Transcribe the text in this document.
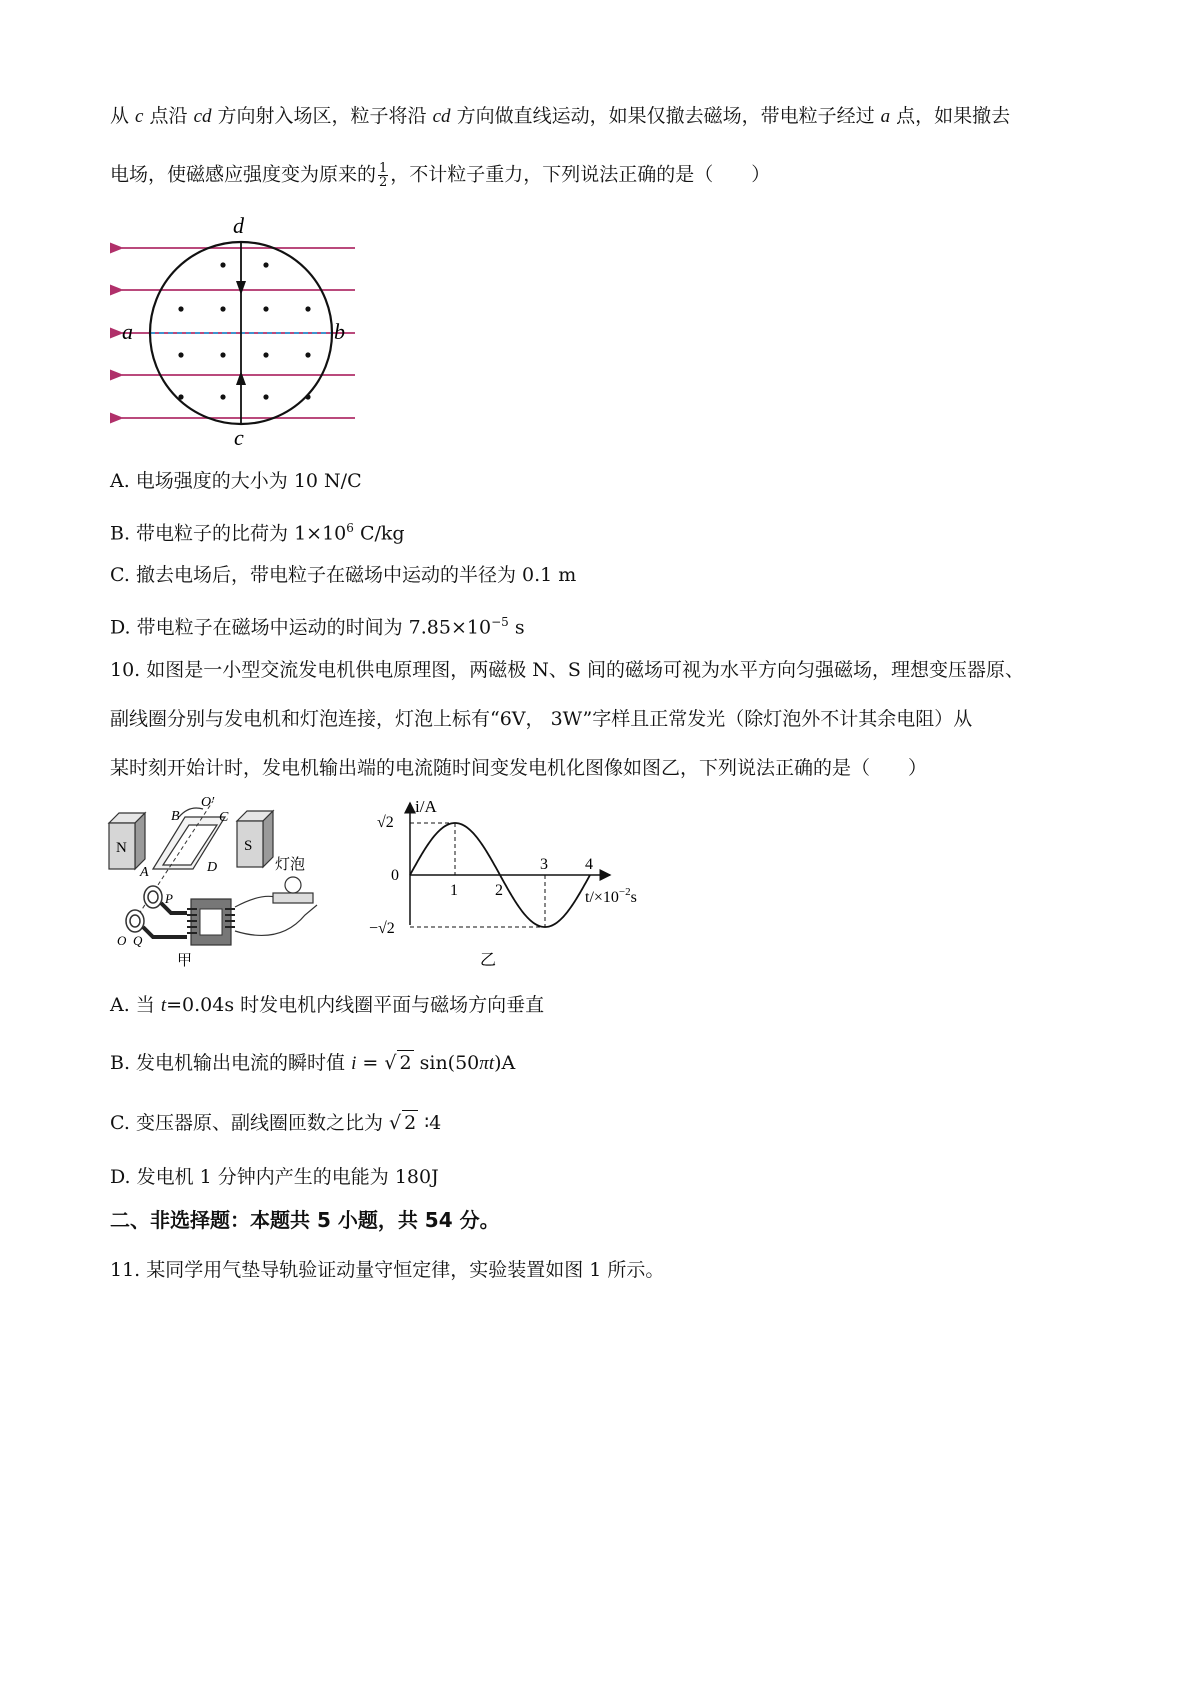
从 c 点沿 cd 方向射入场区，粒子将沿 cd 方向做直线运动，如果仅撤去磁场，带电粒子经过 a 点，如果撤去
电场，使磁感应强度变为原来的 $\frac{1}{2}$ ，不计粒子重力，下列说法正确的是（　　）
d
a	b
c
A. 电场强度的大小为 10 N/C
B. 带电粒子的比荷为 $1\times 10^6$ C/kg
C. 撤去电场后，带电粒子在磁场中运动的半径为 0.1 m
D. 带电粒子在磁场中运动的时间为 $7.85\times 10^{-5}$ s
10. 如图是一小型交流发电机供电原理图，两磁极 N、S 间的磁场可视为水平方向匀强磁场，理想变压器原、
副线圈分别与发电机和灯泡连接，灯泡上标有“6V， 3W”字样且正常发光（除灯泡外不计其余电阻）从
某时刻开始计时，发电机输出端的电流随时间变发电机化图像如图乙，下列说法正确的是（　　）
N	S
O′
B	C
D
A
P
O Q
灯泡
甲
1 2
3 4
i/A
√2
0
−√2
$t/\times 10^{-2}s$
乙
A. 当 t=0.04s 时发电机内线圈平面与磁场方向垂直
B. 发电机输出电流的瞬时值 i = √ 2 sin(50πt)A
C. 变压器原、副线圈匝数之比为 √ 2 ∶4
D. 发电机 1 分钟内产生的电能为 180J
二、非选择题：本题共 5 小题，共 54 分。
11. 某同学用气垫导轨验证动量守恒定律，实验装置如图 1 所示。
